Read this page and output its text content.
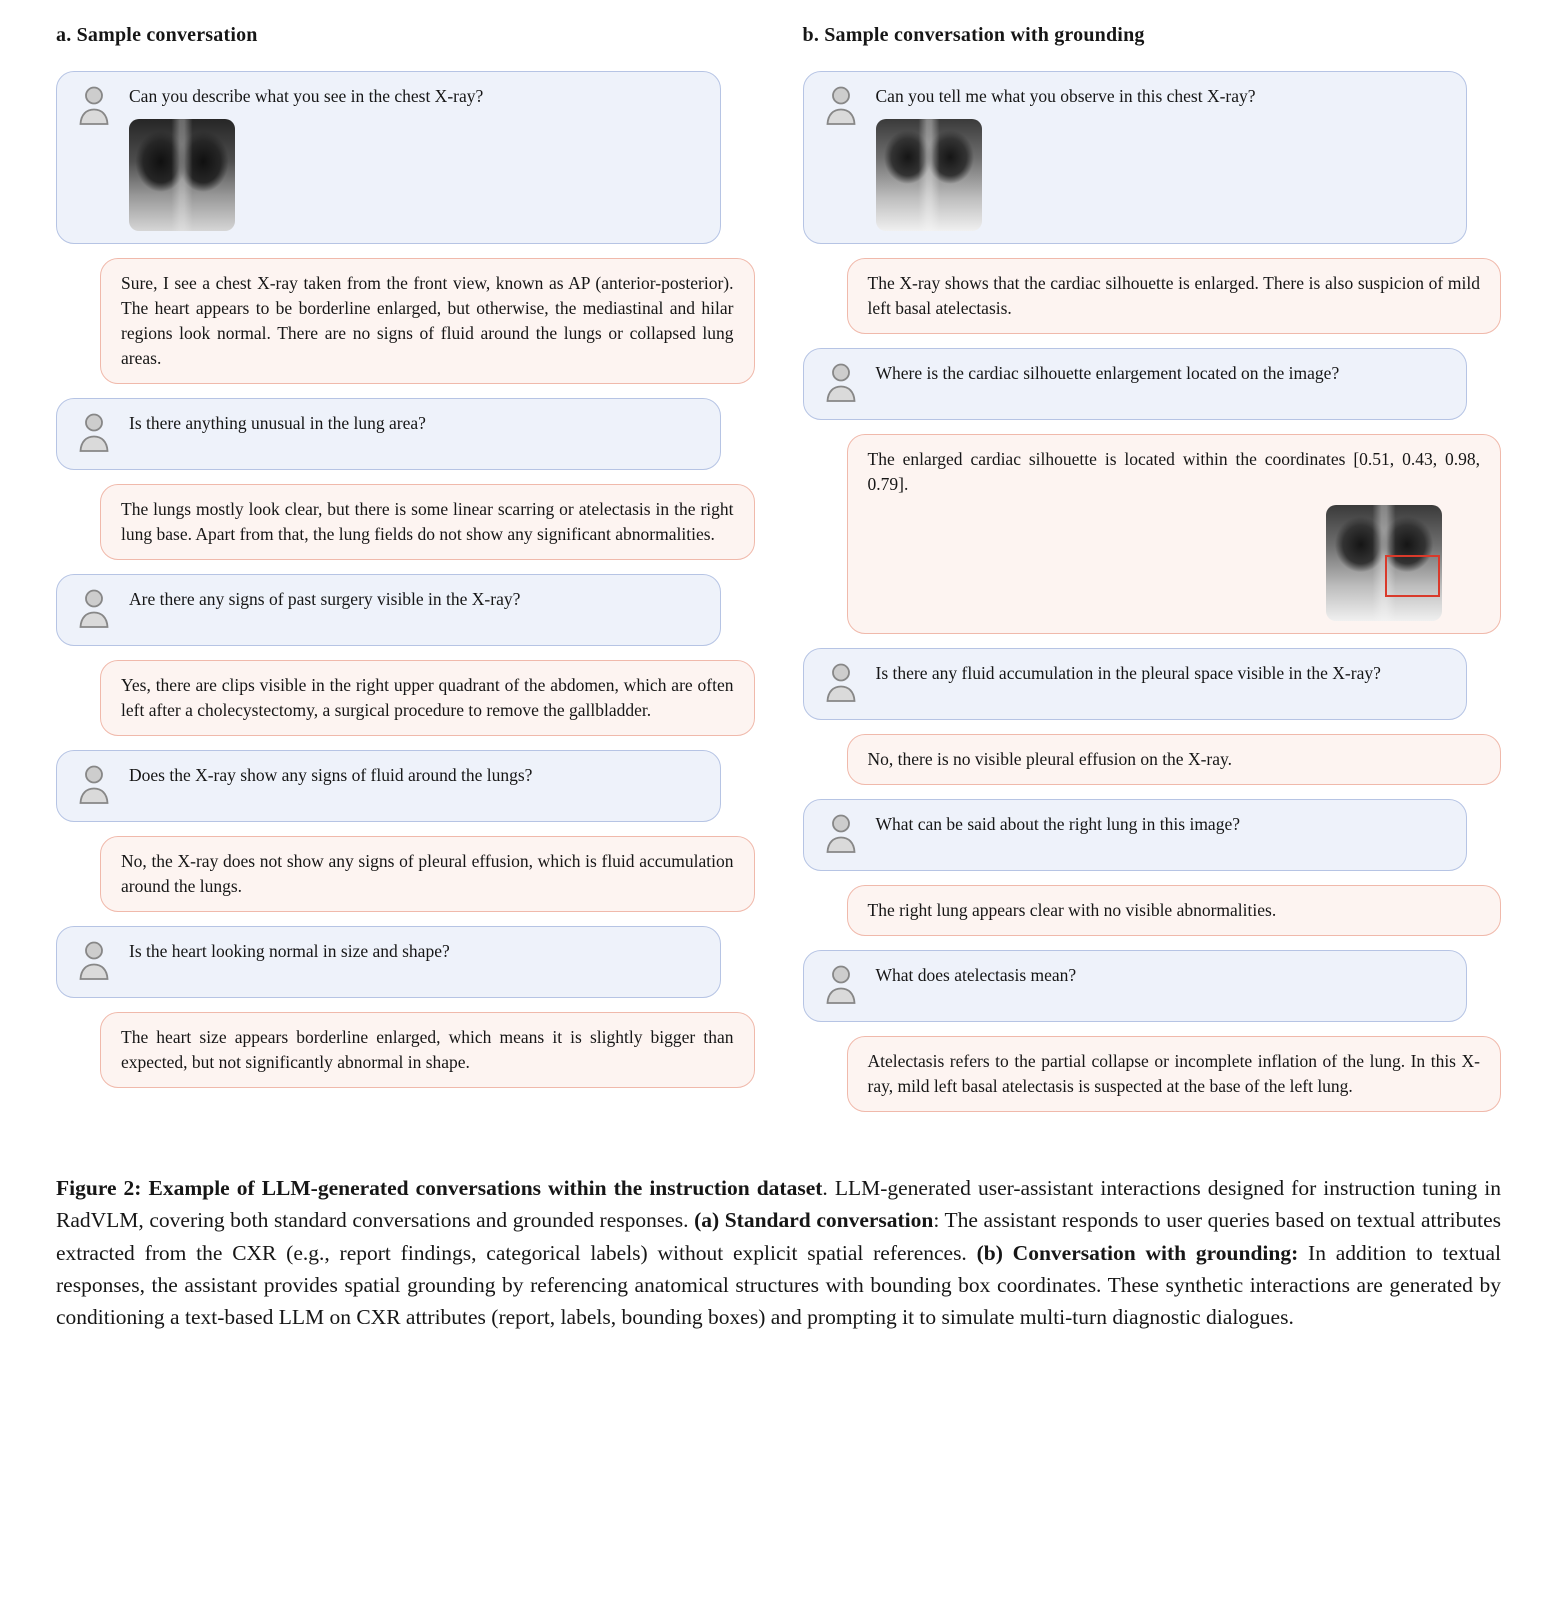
a. Sample conversation

Can you describe what you see in the chest X-ray?

Sure, I see a chest X-ray taken from the front view, known as AP (anterior-posterior). The heart appears to be borderline enlarged, but otherwise, the mediastinal and hilar regions look normal. There are no signs of fluid around the lungs or collapsed lung areas.

Is there anything unusual in the lung area?

The lungs mostly look clear, but there is some linear scarring or atelectasis in the right lung base. Apart from that, the lung fields do not show any significant abnormalities.

Are there any signs of past surgery visible in the X-ray?

Yes, there are clips visible in the right upper quadrant of the abdomen, which are often left after a cholecystectomy, a surgical procedure to remove the gallbladder.

Does the X-ray show any signs of fluid around the lungs?

No, the X-ray does not show any signs of pleural effusion, which is fluid accumulation around the lungs.

Is the heart looking normal in size and shape?

The heart size appears borderline enlarged, which means it is slightly bigger than expected, but not significantly abnormal in shape.

b. Sample conversation with grounding

Can you tell me what you observe in this chest X-ray?

The X-ray shows that the cardiac silhouette is enlarged. There is also suspicion of mild left basal atelectasis.

Where is the cardiac silhouette enlargement located on the image?

The enlarged cardiac silhouette is located within the coordinates [0.51, 0.43, 0.98, 0.79].

Is there any fluid accumulation in the pleural space visible in the X-ray?

No, there is no visible pleural effusion on the X-ray.

What can be said about the right lung in this image?

The right lung appears clear with no visible abnormalities.

What does atelectasis mean?

Atelectasis refers to the partial collapse or incomplete inflation of the lung. In this X-ray, mild left basal atelectasis is suspected at the base of the left lung.

Figure 2: Example of LLM-generated conversations within the instruction dataset. LLM-generated user-assistant interactions designed for instruction tuning in RadVLM, covering both standard conversations and grounded responses. (a) Standard conversation: The assistant responds to user queries based on textual attributes extracted from the CXR (e.g., report findings, categorical labels) without explicit spatial references. (b) Conversation with grounding: In addition to textual responses, the assistant provides spatial grounding by referencing anatomical structures with bounding box coordinates. These synthetic interactions are generated by conditioning a text-based LLM on CXR attributes (report, labels, bounding boxes) and prompting it to simulate multi-turn diagnostic dialogues.
